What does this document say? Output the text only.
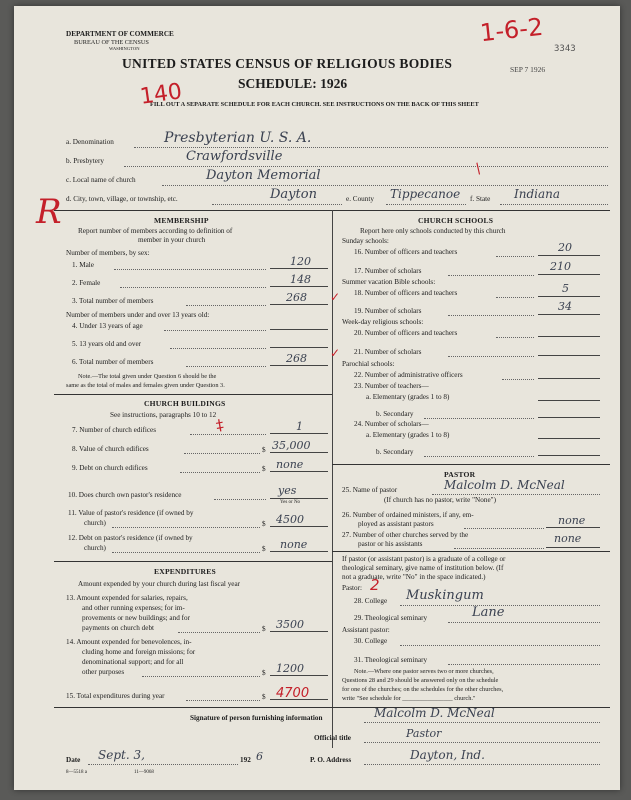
DEPARTMENT OF COMMERCE
BUREAU OF THE CENSUS
WASHINGTON
UNITED STATES CENSUS OF RELIGIOUS BODIES
SCHEDULE: 1926
FILL OUT A SEPARATE SCHEDULE FOR EACH CHURCH. SEE INSTRUCTIONS ON THE BACK OF THIS SHEET
3343
SEP 7 1926
1-6-2
140
a. Denomination	Presbyterian U. S. A.
b. Presbytery	Crawfordsville
c. Local name of church	Dayton Memorial	/
d. City, town, village, or township, etc.	Dayton	e. County Tippecanoe f. State Indiana
R	MEMBERSHIP
Report number of members according to definition of
member in your church
Number of members, by sex:
1. Male	120
2. Female	148
3. Total number of members	268 ✓
Number of members under and over 13 years old:
4. Under 13 years of age
5. 13 years old and over
6. Total number of members	268 ✓
Note.—The total given under Question 6 should be the
same as the total of males and females given under Question 3.
CHURCH BUILDINGS
See instructions, paragraphs 10 to 12
7. Number of church edifices	‡	1
8. Value of church edifices	$ 35,000
9. Debt on church edifices	$ none
10. Does church own pastor's residence	yes
Yes or No
11. Value of pastor's residence (if owned by
church)	$ 4500
12. Debt on pastor's residence (if owned by
church)	$ none
EXPENDITURES
Amount expended by your church during last fiscal year
13. Amount expended for salaries, repairs,
and other running expenses; for im-
provements or new buildings; and for
payments on church debt	$ 3500
14. Amount expended for benevolences, in-
cluding home and foreign missions; for
denominational support; and for all
other purposes	$ 1200
15. Total expenditures during year	$ 4700
CHURCH SCHOOLS
Report here only schools conducted by this church
Sunday schools:
16. Number of officers and teachers	20
17. Number of scholars	210
Summer vacation Bible schools:
18. Number of officers and teachers	5
19. Number of scholars	34
Week-day religious schools:
20. Number of officers and teachers
21. Number of scholars
Parochial schools:
22. Number of administrative officers
23. Number of teachers—
a. Elementary (grades 1 to 8)
b. Secondary
24. Number of scholars—
a. Elementary (grades 1 to 8)
b. Secondary
PASTOR
25. Name of pastor	Malcolm D. McNeal
(If church has no pastor, write "None")
26. Number of ordained ministers, if any, em-
ployed as assistant pastors	none
27. Number of other churches served by the
pastor or his assistants	none
If pastor (or assistant pastor) is a graduate of a college or
theological seminary, give name of institution below. (If
not a graduate, write "No" in the space indicated.)
Pastor: 2
28. College Muskingum
29. Theological seminary	Lane
Assistant pastor:
30. College
31. Theological seminary
Note.—Where one pastor serves two or more churches,
Questions 28 and 29 should be answered only on the schedule
for one of the churches; on the schedules for the other churches,
write "See schedule for ________________ church."
Signature of person furnishing information	Malcolm D. McNeal
Official title	Pastor
Date Sept. 3,	192 6	P. O. Address	Dayton, Ind.
8—5518 a	11—9068
